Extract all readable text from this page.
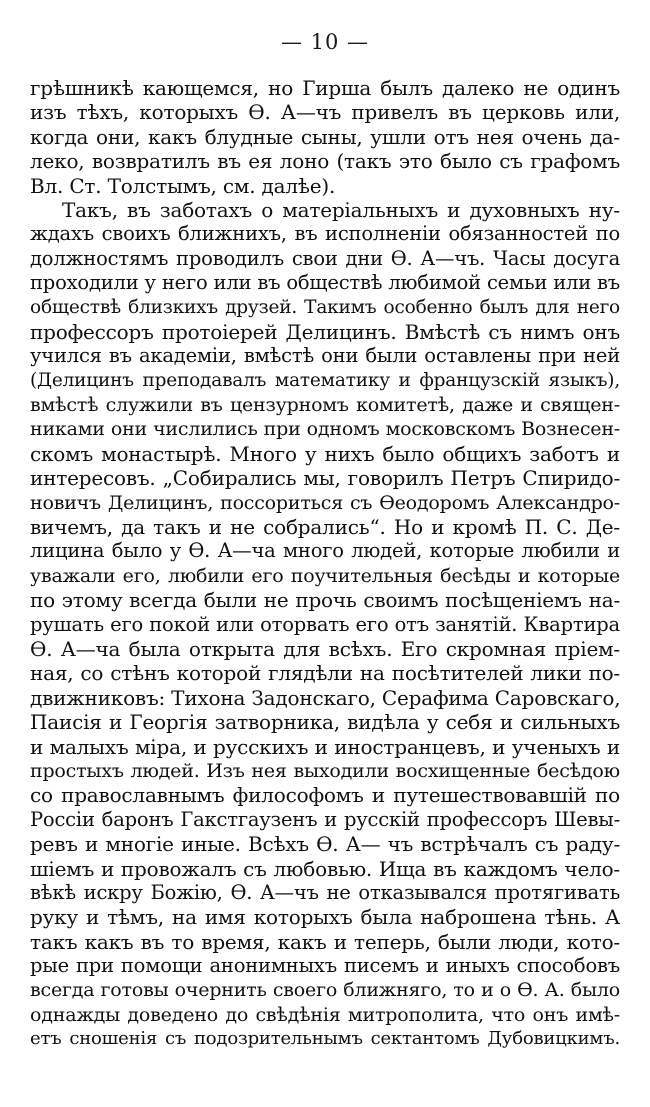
— 10 —
грѣшникѣ кающемся, но Гирша былъ далеко не одинъ
изъ тѣхъ, которыхъ Ѳ. А—чъ привелъ въ церковь или,
когда они, какъ блудные сыны, ушли отъ нея очень да-
леко, возвратилъ въ ея лоно (такъ это было съ графомъ
Вл. Ст. Толстымъ, см. далѣе).
Такъ, въ заботахъ о матеріальныхъ и духовныхъ ну-
ждахъ своихъ ближнихъ, въ исполненіи обязанностей по
должностямъ проводилъ свои дни Ѳ. А—чъ. Часы досуга
проходили у него или въ обществѣ любимой семьи или въ
обществѣ близкихъ друзей. Такимъ особенно былъ для него
профессоръ протоіерей Делицинъ. Вмѣстѣ съ нимъ онъ
учился въ академіи, вмѣстѣ они были оставлены при ней
(Делицинъ преподавалъ математику и французскій языкъ),
вмѣстѣ служили въ цензурномъ комитетѣ, даже и священ-
никами они числились при одномъ московскомъ Вознесен-
скомъ монастырѣ. Много у нихъ было общихъ заботъ и
интересовъ. „Собирались мы, говорилъ Петръ Спиридо-
новичъ Делицинъ, поссориться съ Ѳеодоромъ Александро-
вичемъ, да такъ и не собрались“. Но и кромѣ П. С. Де-
лицина было у Ѳ. А—ча много людей, которые любили и
уважали его, любили его поучительныя бесѣды и которые
по этому всегда были не прочь своимъ посѣщеніемъ на-
рушать его покой или оторвать его отъ занятій. Квартира
Ѳ. А—ча была открыта для всѣхъ. Его скромная пріем-
ная, со стѣнъ которой глядѣли на посѣтителей лики по-
движниковъ: Тихона Задонскаго, Серафима Саровскаго,
Паисія и Георгія затворника, видѣла у себя и сильныхъ
и малыхъ міра, и русскихъ и иностранцевъ, и ученыхъ и
простыхъ людей. Изъ нея выходили восхищенные бесѣдою
со православнымъ философомъ и путешествовавшій по
Россіи баронъ Гакстгаузенъ и русскій профессоръ Шевы-
ревъ и многіе иные. Всѣхъ Ѳ. А— чъ встрѣчалъ съ раду-
шіемъ и провожалъ съ любовью. Ища въ каждомъ чело-
вѣкѣ искру Божію, Ѳ. А—чъ не отказывался протягивать
руку и тѣмъ, на имя которыхъ была наброшена тѣнь. А
такъ какъ въ то время, какъ и теперь, были люди, кото-
рые при помощи анонимныхъ писемъ и иныхъ способовъ
всегда готовы очернить своего ближняго, то и о Ѳ. А. было
однажды доведено до свѣдѣнія митрополита, что онъ имѣ-
етъ сношенія съ подозрительнымъ сектантомъ Дубовицкимъ.
